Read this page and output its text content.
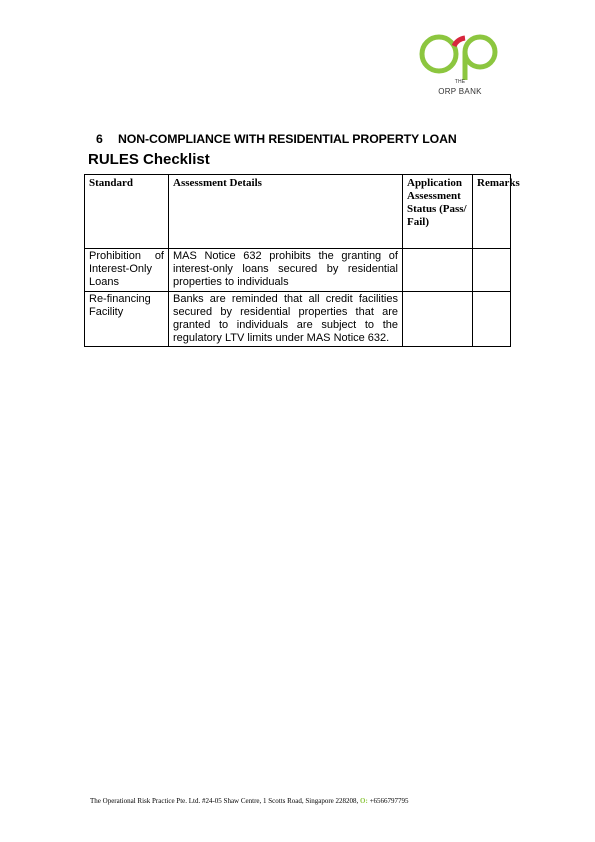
THE
ORP BANK
6 NON-COMPLIANCE WITH RESIDENTIAL PROPERTY LOAN
RULES Checklist
Standard	Assessment Details	Application Assessment Status (Pass/Fail)	Remarks
Prohibition of Interest-Only Loans	MAS Notice 632 prohibits the granting of interest-only loans secured by residential properties to individuals		
Re-financing Facility	Banks are reminded that all credit facilities secured by residential properties that are granted to individuals are subject to the regulatory LTV limits under MAS Notice 632.		
The Operational Risk Practice Pte. Ltd. #24-05 Shaw Centre, 1 Scotts Road, Singapore 228208, O: +6566797795
